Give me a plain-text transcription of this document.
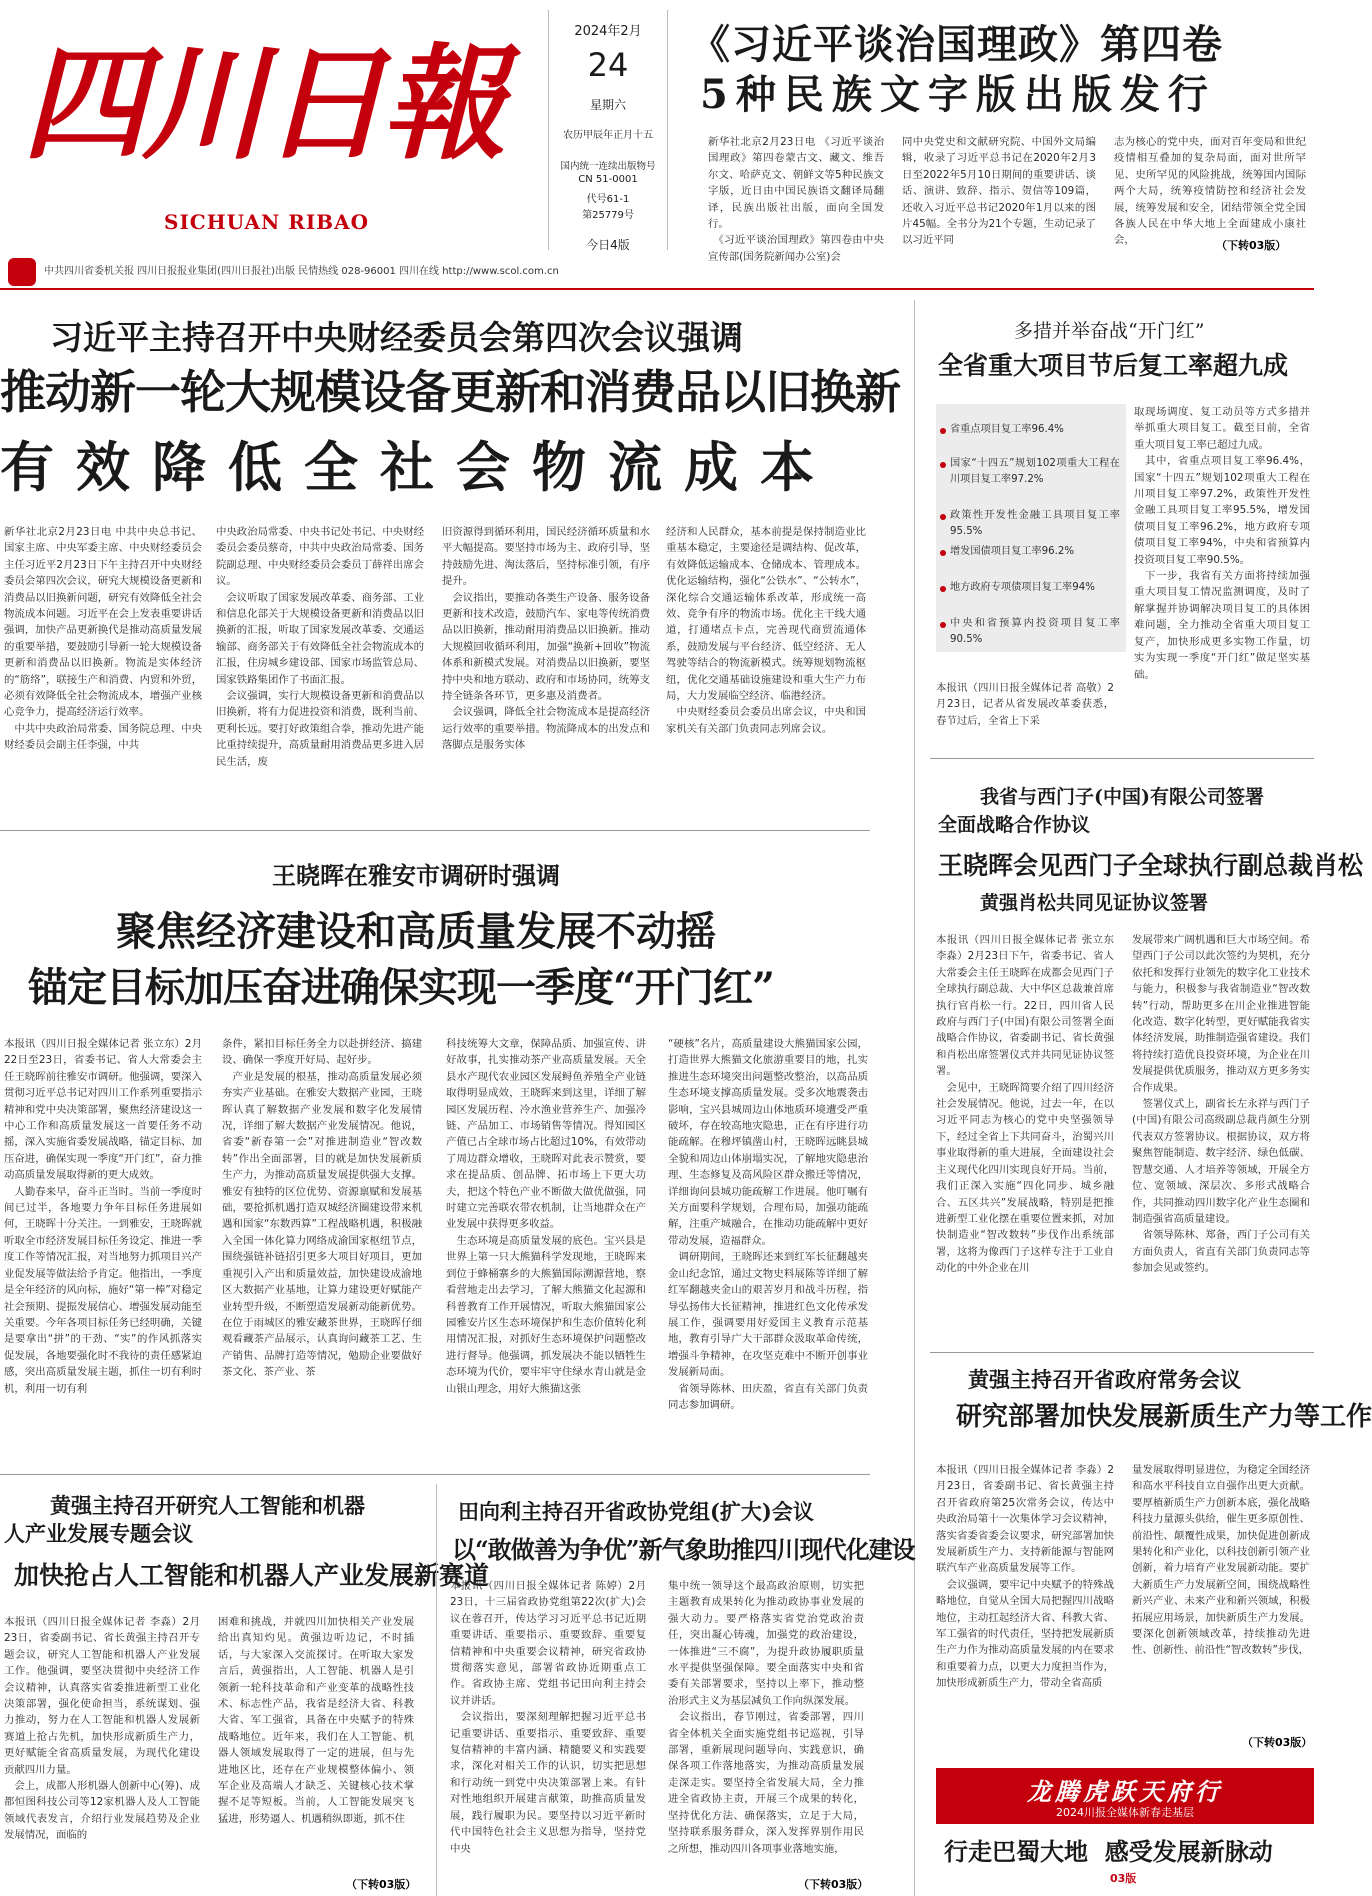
四川日報
SICHUAN RIBAO
2024年2月
24
星期六
农历甲辰年正月十五
国内统一连续出版物号
CN 51-0001
代号61-1
第25779号
今日4版
《习近平谈治国理政》第四卷
5种民族文字版出版发行
新华社北京2月23日电 《习近平谈治国理政》第四卷蒙古文、藏文、维吾尔文、哈萨克文、朝鲜文等5种民族文字版，近日由中国民族语文翻译局翻译，民族出版社出版，面向全国发行。
　《习近平谈治国理政》第四卷由中央宣传部(国务院新闻办公室)会
同中央党史和文献研究院、中国外文局编辑，收录了习近平总书记在2020年2月3日至2022年5月10日期间的重要讲话、谈话、演讲、致辞、指示、贺信等109篇，还收入习近平总书记2020年1月以来的图片45幅。全书分为21个专题，生动记录了以习近平同
志为核心的党中央，面对百年变局和世纪疫情相互叠加的复杂局面，面对世所罕见、史所罕见的风险挑战，统筹国内国际两个大局，统筹疫情防控和经济社会发展，统筹发展和安全，团结带领全党全国各族人民在中华大地上全面建成小康社会，	（下转03版）
中共四川省委机关报 四川日报报业集团(四川日报社)出版 民情热线 028-96001 四川在线 http://www.scol.com.cn
习近平主持召开中央财经委员会第四次会议强调
推动新一轮大规模设备更新和消费品以旧换新
有效降低全社会物流成本
新华社北京2月23日电 中共中央总书记、国家主席、中央军委主席、中央财经委员会主任习近平2月23日下午主持召开中央财经委员会第四次会议，研究大规模设备更新和消费品以旧换新问题，研究有效降低全社会物流成本问题。习近平在会上发表重要讲话强调，加快产品更新换代是推动高质量发展的重要举措，要鼓励引导新一轮大规模设备更新和消费品以旧换新。物流是实体经济的“筋络”，联接生产和消费、内贸和外贸，必须有效降低全社会物流成本，增强产业核心竞争力，提高经济运行效率。
　中共中央政治局常委、国务院总理、中央财经委员会副主任李强，中共
中央政治局常委、中央书记处书记、中央财经委员会委员蔡奇，中共中央政治局常委、国务院副总理、中央财经委员会委员丁薛祥出席会议。
　会议听取了国家发展改革委、商务部、工业和信息化部关于大规模设备更新和消费品以旧换新的汇报，听取了国家发展改革委、交通运输部、商务部关于有效降低全社会物流成本的汇报，住房城乡建设部、国家市场监管总局、国家铁路集团作了书面汇报。
　会议强调，实行大规模设备更新和消费品以旧换新，将有力促进投资和消费，既利当前、更利长远。要打好政策组合拳，推动先进产能比重持续提升，高质量耐用消费品更多进入居民生活，废
旧资源得到循环利用，国民经济循环质量和水平大幅提高。要坚持市场为主、政府引导，坚持鼓励先进、淘汰落后，坚持标准引领，有序提升。
　会议指出，要推动各类生产设备、服务设备更新和技术改造，鼓励汽车、家电等传统消费品以旧换新，推动耐用消费品以旧换新。推动大规模回收循环利用，加强“换新+回收”物流体系和新模式发展。对消费品以旧换新，要坚持中央和地方联动、政府和市场协同，统筹支持全链条各环节，更多惠及消费者。
　会议强调，降低全社会物流成本是提高经济运行效率的重要举措。物流降成本的出发点和落脚点是服务实体
经济和人民群众，基本前提是保持制造业比重基本稳定，主要途径是调结构、促改革，有效降低运输成本、仓储成本、管理成本。优化运输结构，强化“公铁水”、“公转水”，深化综合交通运输体系改革，形成统一高效、竞争有序的物流市场。优化主干线大通道，打通堵点卡点，完善现代商贸流通体系，鼓励发展与平台经济、低空经济、无人驾驶等结合的物流新模式。统筹规划物流枢纽，优化交通基础设施建设和重大生产力布局，大力发展临空经济、临港经济。
　中央财经委员会委员出席会议，中央和国家机关有关部门负责同志列席会议。
多措并举奋战“开门红”
全省重大项目节后复工率超九成
省重点项目复工率96.4%
国家“十四五”规划102项重大工程在川项目复工率97.2%
政策性开发性金融工具项目复工率95.5%
增发国债项目复工率96.2%
地方政府专项债项目复工率94%
中央和省预算内投资项目复工率90.5%
取现场调度、复工动员等方式多措并举抓重大项目复工。截至目前，全省重大项目复工率已超过九成。
　其中，省重点项目复工率96.4%，国家“十四五”规划102项重大工程在川项目复工率97.2%，政策性开发性金融工具项目复工率95.5%，增发国债项目复工率96.2%，地方政府专项债项目复工率94%，中央和省预算内投资项目复工率90.5%。
　下一步，我省有关方面将持续加强重大项目复工情况监测调度，及时了解掌握并协调解决项目复工的具体困难问题，全力推动全省重大项目复工复产，加快形成更多实物工作量，切实为实现一季度“开门红”做足坚实基础。
本报讯（四川日报全媒体记者 高敬）2月23日，记者从省发展改革委获悉，春节过后，全省上下采
我省与西门子(中国)有限公司签署
全面战略合作协议
王晓晖会见西门子全球执行副总裁肖松
黄强肖松共同见证协议签署
本报讯（四川日报全媒体记者 张立东 李淼）2月23日下午，省委书记、省人大常委会主任王晓晖在成都会见西门子全球执行副总裁、大中华区总裁兼首席执行官肖松一行。22日，四川省人民政府与西门子(中国)有限公司签署全面战略合作协议，省委副书记、省长黄强和肖松出席签署仪式并共同见证协议签署。
　会见中，王晓晖简要介绍了四川经济社会发展情况。他说，过去一年，在以习近平同志为核心的党中央坚强领导下，经过全省上下共同奋斗，治蜀兴川事业取得新的重大进展，全面建设社会主义现代化四川实现良好开局。当前，我们正深入实施“四化同步、城乡融合、五区共兴”发展战略，特别是把推进新型工业化摆在重要位置来抓，对加快制造业“智改数转”步伐作出系统部署，这将为像西门子这样专注于工业自动化的中外企业在川
发展带来广阔机遇和巨大市场空间。希望西门子公司以此次签约为契机，充分依托和发挥行业领先的数字化工业技术与能力，积极参与我省制造业“智改数转”行动，帮助更多在川企业推进智能化改造、数字化转型，更好赋能我省实体经济发展，助推制造强省建设。我们将持续打造优良投资环境，为企业在川发展提供优质服务，推动双方更多务实合作成果。
　签署仪式上，副省长左永祥与西门子(中国)有限公司高级副总裁肖颜生分别代表双方签署协议。根据协议，双方将聚焦智能制造、数字经济、绿色低碳、智慧交通、人才培养等领域，开展全方位、宽领域、深层次、多形式战略合作，共同推动四川数字化产业生态圈和制造强省高质量建设。
　省领导陈林、郑备，西门子公司有关方面负责人，省直有关部门负责同志等参加会见或签约。
黄强主持召开省政府常务会议
研究部署加快发展新质生产力等工作
本报讯（四川日报全媒体记者 李淼）2月23日，省委副书记、省长黄强主持召开省政府第25次常务会议，传达中央政治局第十一次集体学习会议精神，落实省委省委会议要求，研究部署加快发展新质生产力、支持新能源与智能网联汽车产业高质量发展等工作。
　会议强调，要牢记中央赋予的特殊战略地位，自觉从全国大局把握四川战略地位，主动扛起经济大省、科教大省、军工强省的时代责任，坚持把发展新质生产力作为推动高质量发展的内在要求和重要着力点，以更大力度担当作为，加快形成新质生产力，带动全省高质
量发展取得明显进位，为稳定全国经济和高水平科技自立自强作出更大贡献。要厚植新质生产力创新本底，强化战略科技力量源头供给，催生更多原创性、前沿性、颠覆性成果，加快促进创新成果转化和产业化，以科技创新引领产业创新，着力培育产业发展新动能。要扩大新质生产力发展新空间，围绕战略性新兴产业、未来产业和新兴领域，积极拓展应用场景，加快新质生产力发展。要深化创新领域改革，持续推动先进性、创新性、前沿性“智改数转”步伐，
（下转03版）
龙腾虎跃天府行
2024川报全媒体新春走基层
行走巴蜀大地  感受发展新脉动
03版
王晓晖在雅安市调研时强调
聚焦经济建设和高质量发展不动摇
锚定目标加压奋进确保实现一季度“开门红”
本报讯（四川日报全媒体记者 张立东）2月22日至23日，省委书记、省人大常委会主任王晓晖前往雅安市调研。他强调，要深入贯彻习近平总书记对四川工作系列重要指示精神和党中央决策部署，聚焦经济建设这一中心工作和高质量发展这一首要任务不动摇，深入实施省委发展战略，锚定目标、加压奋进，确保实现一季度“开门红”，奋力推动高质量发展取得新的更大成效。
　人勤春来早，奋斗正当时。当前一季度时间已过半，各地要力争年目标任务进展如何，王晓晖十分关注。一到雅安，王晓晖就听取全市经济发展目标任务设定、推进一季度工作等情况汇报，对当地努力抓项目兴产业促发展等做法给予肯定。他指出，一季度是全年经济的风向标，施好“第一棒”对稳定社会预期、提振发展信心、增强发展动能至关重要。今年各项目标任务已经明确，关键是要拿出“拼”的干劲、“实”的作风抓落实促发展，各地要强化时不我待的责任感紧迫感，突出高质量发展主题，抓住一切有利时机，利用一切有利
条件，紧扣目标任务全力以赴拼经济、搞建设、确保一季度开好局、起好步。
　产业是发展的根基，推动高质量发展必须夯实产业基础。在雅安大数据产业园，王晓晖认真了解数据产业发展和数字化发展情况，详细了解大数据产业发展情况。他说，省委“新春第一会”对推进制造业“智改数转”作出全面部署，目的就是加快发展新质生产力，为推动高质量发展提供强大支撑。雅安有独特的区位优势、资源禀赋和发展基础，要抢抓机遇打造双城经济圈建设带来机遇和国家“东数西算”工程战略机遇，积极融入全国一体化算力网络成渝国家枢纽节点，围绕强链补链招引更多大项目好项目，更加重视引入产出和质量效益，加快建设成渝地区大数据产业基地，让算力建设更好赋能产业转型升级，不断塑造发展新动能新优势。在位于雨城区的雅安藏茶世界，王晓晖仔细观看藏茶产品展示，认真询问藏茶工艺、生产销售、品牌打造等情况，勉励企业要做好茶文化、茶产业、茶
科技统筹大文章，保障品质、加强宣传、讲好故事，扎实推动茶产业高质量发展。天全县水产现代农业园区发展鲟鱼养殖全产业链取得明显成效，王晓晖来到这里，详细了解园区发展历程、冷水渔业营养生产、加强冷链、产品加工、市场销售等情况。得知园区产值已占全球市场占比超过10%，有效带动了周边群众增收，王晓晖对此表示赞赏，要求在提品质、创品牌、拓市场上下更大功夫，把这个特色产业不断做大做优做强，同时建立完善联农带农机制，让当地群众在产业发展中获得更多收益。
　生态环境是高质量发展的底色。宝兴县是世界上第一只大熊猫科学发现地，王晓晖来到位于蜂桶寨乡的大熊猫国际溯源营地，察看营地走出去学习，了解大熊猫文化起源和科普教育工作开展情况，听取大熊猫国家公园雅安片区生态环境保护和生态价值转化利用情况汇报，对抓好生态环境保护问题整改进行督导。他强调，抓发展决不能以牺牲生态环境为代价，要牢牢守住绿水青山就是金山银山理念，用好大熊猫这张
“硬核”名片，高质量建设大熊猫国家公园，打造世界大熊猫文化旅游重要目的地，扎实推进生态环境突出问题整改整治，以高品质生态环境支撑高质量发展。受多次地震袭击影响，宝兴县城周边山体地质环境遭受严重破坏，存在较高地灾隐患，正在有序进行功能疏解。在穆坪镇凿山村，王晓晖远眺县城全貌和周边山体崩塌实况，了解地灾隐患治理、生态修复及高风险区群众搬迁等情况，详细询问县城功能疏解工作进展。他叮嘱有关方面要科学规划，合理布局，加强功能疏解，注重产城融合，在推动功能疏解中更好带动发展，造福群众。
　调研期间，王晓晖还来到红军长征翻越夹金山纪念馆，通过文物史料展陈等详细了解红军翻越夹金山的艰苦岁月和战斗历程，指导弘扬伟大长征精神，推进红色文化传承发展工作，强调要用好爱国主义教育示范基地，教育引导广大干部群众汲取革命传统，增强斗争精神，在攻坚克难中不断开创事业发展新局面。
　省领导陈林、田庆盈，省直有关部门负责同志参加调研。
黄强主持召开研究人工智能和机器
人产业发展专题会议
加快抢占人工智能和机器人产业发展新赛道
本报讯（四川日报全媒体记者 李淼）2月23日，省委副书记、省长黄强主持召开专题会议，研究人工智能和机器人产业发展工作。他强调，要坚决贯彻中央经济工作会议精神，认真落实省委推进新型工业化决策部署，强化使命担当，系统谋划、强力推动，努力在人工智能和机器人发展新赛道上抢占先机，加快形成新质生产力，更好赋能全省高质量发展，为现代化建设贡献四川力量。
　会上，成都人形机器人创新中心(筹)、成都恒图科技公司等12家机器人及人工智能领域代表发言，介绍行业发展趋势及企业发展情况，面临的
困难和挑战，并就四川加快相关产业发展给出真知灼见。黄强边听边记，不时插话，与大家深入交流探讨。在听取大家发言后，黄强指出，人工智能、机器人是引领新一轮科技革命和产业变革的战略性技术、标志性产品，我省是经济大省、科教大省、军工强省，具备在中央赋予的特殊战略地位。近年来，我们在人工智能、机器人领域发展取得了一定的进展，但与先进地区比，还存在产业规模整体偏小、领军企业及高端人才缺乏、关键核心技术掌握不足等短板。当前，人工智能发展突飞猛进，形势逼人、机遇稍纵即逝，抓不住
（下转03版）
田向利主持召开省政协党组(扩大)会议
以“敢做善为争优”新气象助推四川现代化建设
本报讯（四川日报全媒体记者 陈婷）2月23日，十三届省政协党组第22次(扩大)会议在蓉召开，传达学习习近平总书记近期重要讲话、重要指示、重要致辞、重要复信精神和中央重要会议精神，研究省政协贯彻落实意见，部署省政协近期重点工作。省政协主席、党组书记田向利主持会议并讲话。
　会议指出，要深刻理解把握习近平总书记重要讲话、重要指示、重要致辞、重要复信精神的丰富内涵、精髓要义和实践要求，深化对相关工作的认识，切实把思想和行动统一到党中央决策部署上来。有针对性地组织开展建言献策，助推高质量发展，践行履职为民。要坚持以习近平新时代中国特色社会主义思想为指导，坚持党中央
集中统一领导这个最高政治原则，切实把主题教育成果转化为推动政协事业发展的强大动力。要严格落实省党治党政治责任，突出凝心铸魂，加强党的政治建设，一体推进“三不腐”，为提升政协履职质量水平提供坚强保障。要全面落实中央和省委有关部署要求，坚持以上率下，推动整治形式主义为基层减负工作向纵深发展。
　会议指出，春节刚过，省委部署，四川省全体机关全面实施党组书记巡视，引导部署，重新展现问题导向、实践意识，确保各项工作落地落实，为推动高质量发展走深走实。要坚持全省发展大局，全力推进全省政协主责，开展三个成果的转化，坚持优化方法、确保落实，立足于大局，坚持联系服务群众，深入发挥界别作用民之所想，推动四川各项事业落地实施，
（下转03版）
